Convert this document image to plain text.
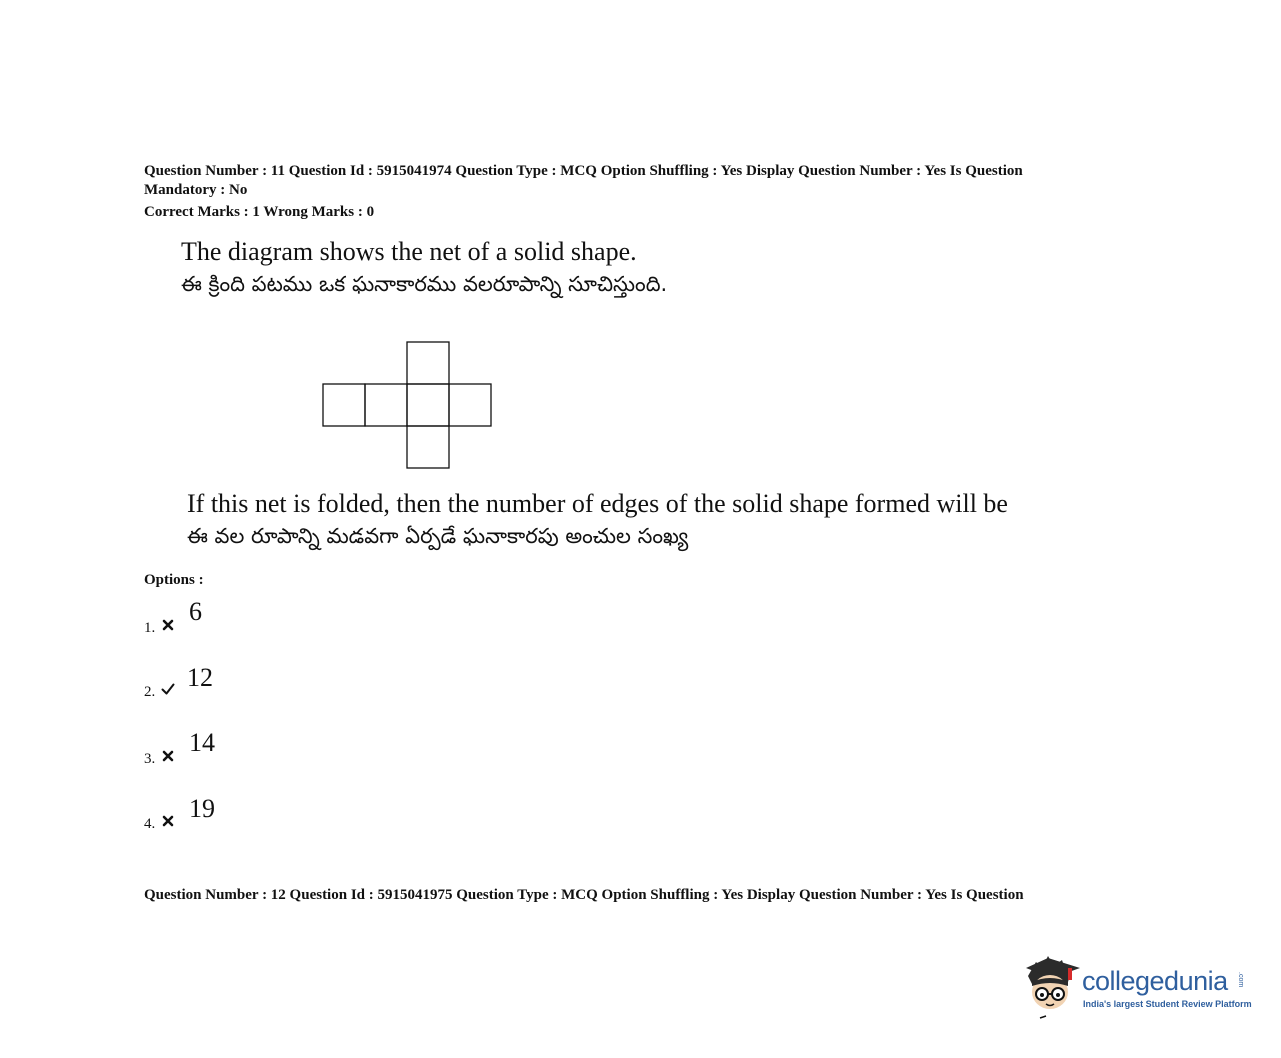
Question Number : 11 Question Id : 5915041974 Question Type : MCQ Option Shuffling : Yes Display Question Number : Yes Is Question
Mandatory : No
Correct Marks : 1 Wrong Marks : 0
The diagram shows the net of a solid shape.
ఈ క్రింది పటము ఒక ఘనాకారము వలరూపాన్ని సూచిస్తుంది.
If this net is folded, then the number of edges of the solid shape formed will be
ఈ వల రూపాన్ని మడవగా ఏర్పడే ఘనాకారపు అంచుల సంఖ్య
Options :
1.
6
2. 12
3.
14
4.
19
Question Number : 12 Question Id : 5915041975 Question Type : MCQ Option Shuffling : Yes Display Question Number : Yes Is Question
collegedunia .com
India's largest Student Review Platform
